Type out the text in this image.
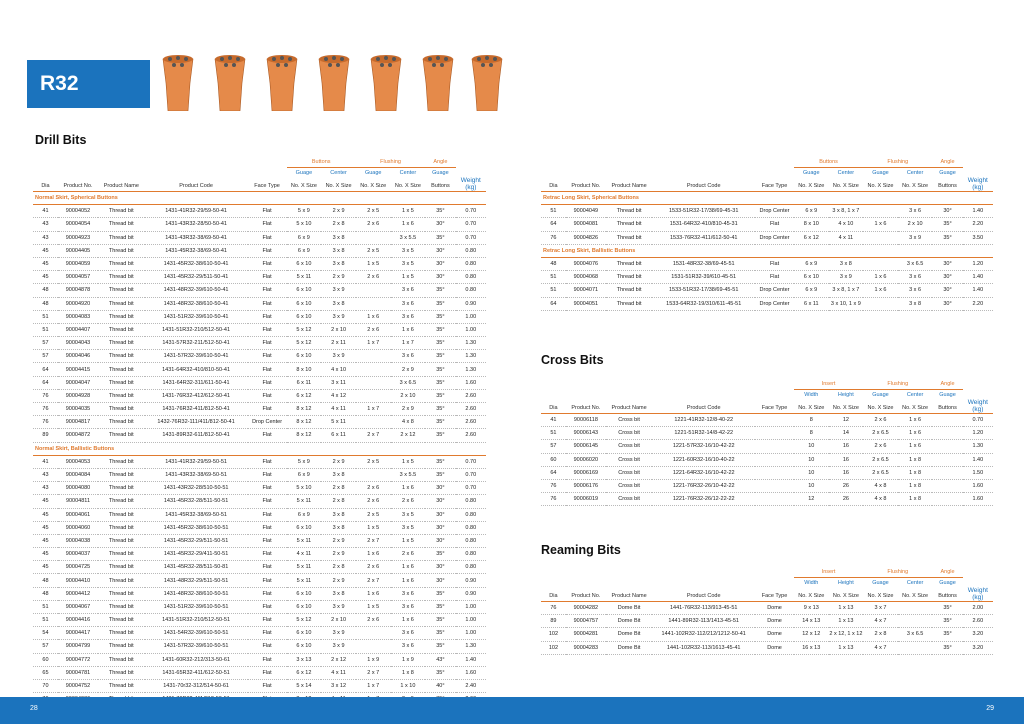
R32
Drill Bits
Cross Bits
Reaming Bits
					Buttons		Flushing		Angle	
					Guage	Center	Guage	Center	Guage	Weight (kg)
Dia	Product No.	Product Name	Product Code	Face Type	No. X Size	No. X Size	No. X Size	No. X Size	Buttons	
Normal Skirt, Spherical Buttons										
41	90004052	Thread bit	1431-41R32-29/59-50-41	Flat	5 x 9	2 x 9	2 x 5	1 x 5	35°	0.70
43	90004054	Thread bit	1431-43R32-28/50-50-41	Flat	5 x 10	2 x 8	2 x 6	1 x 6	30°	0.70
43	90004923	Thread bit	1431-43R32-38/69-50-41	Flat	6 x 9	3 x 8		3 x 5.5	35°	0.70
45	90004405	Thread bit	1431-45R32-38/69-50-41	Flat	6 x 9	3 x 8	2 x 5	3 x 5	30°	0.80
45	90004059	Thread bit	1431-45R32-38/610-50-41	Flat	6 x 10	3 x 8	1 x 5	3 x 5	30°	0.80
45	90004057	Thread bit	1431-45R32-29/511-50-41	Flat	5 x 11	2 x 9	2 x 6	1 x 5	30°	0.80
48	90004878	Thread bit	1431-48R32-39/610-50-41	Flat	6 x 10	3 x 9		3 x 6	35°	0.80
48	90004920	Thread bit	1431-48R32-38/610-50-41	Flat	6 x 10	3 x 8		3 x 6	35°	0.90
51	90004083	Thread bit	1431-51R32-39/610-50-41	Flat	6 x 10	3 x 9	1 x 6	3 x 6	35°	1.00
51	90004407	Thread bit	1431-51R32-210/512-50-41	Flat	5 x 12	2 x 10	2 x 6	1 x 6	35°	1.00
57	90004043	Thread bit	1431-57R32-211/512-50-41	Flat	5 x 12	2 x 11	1 x 7	1 x 7	35°	1.30
57	90004046	Thread bit	1431-57R32-39/610-50-41	Flat	6 x 10	3 x 9		3 x 6	35°	1.30
64	90004415	Thread bit	1431-64R32-410/810-50-41	Flat	8 x 10	4 x 10		2 x 9	35°	1.30
64	90004047	Thread bit	1431-64R32-311/611-50-41	Flat	6 x 11	3 x 11		3 x 6.5	35°	1.60
76	90004928	Thread bit	1431-76R32-412/612-50-41	Flat	6 x 12	4 x 12		2 x 10	35°	2.60
76	90004035	Thread bit	1431-76R32-411/812-50-41	Flat	8 x 12	4 x 11	1 x 7	2 x 9	35°	2.60
76	90004817	Thread bit	1432-76R32-111/411/812-50-41	Drop Center	8 x 12	5 x 11		4 x 8	35°	2.60
89	90004872	Thread bit	1431-89R32-611/812-50-41	Flat	8 x 12	6 x 11	2 x 7	2 x 12	35°	2.60
Normal Skirt, Ballistic Buttons										
41	90004053	Thread bit	1431-41R32-29/59-50-51	Flat	5 x 9	2 x 9	2 x 5	1 x 5	35°	0.70
43	90004084	Thread bit	1431-43R32-38/69-50-51	Flat	6 x 9	3 x 8		3 x 5.5	35°	0.70
43	90004080	Thread bit	1431-43R32-28/510-50-51	Flat	5 x 10	2 x 8	2 x 6	1 x 6	30°	0.70
45	90004811	Thread bit	1431-45R32-28/511-50-51	Flat	5 x 11	2 x 8	2 x 6	2 x 6	30°	0.80
45	90004061	Thread bit	1431-45R32-38/69-50-51	Flat	6 x 9	3 x 8	2 x 5	3 x 5	30°	0.80
45	90004060	Thread bit	1431-45R32-38/610-50-51	Flat	6 x 10	3 x 8	1 x 5	3 x 5	30°	0.80
45	90004038	Thread bit	1431-45R32-29/511-50-51	Flat	5 x 11	2 x 9	2 x 7	1 x 5	30°	0.80
45	90004037	Thread bit	1431-45R32-29/411-50-51	Flat	4 x 11	2 x 9	1 x 6	2 x 6	35°	0.80
45	90004725	Thread bit	1431-45R32-28/511-50-81	Flat	5 x 11	2 x 8	2 x 6	1 x 6	30°	0.80
48	90004410	Thread bit	1431-48R32-29/511-50-51	Flat	5 x 11	2 x 9	2 x 7	1 x 6	30°	0.90
48	90004412	Thread bit	1431-48R32-38/610-50-51	Flat	6 x 10	3 x 8	1 x 6	3 x 6	35°	0.90
51	90004067	Thread bit	1431-51R32-39/610-50-51	Flat	6 x 10	3 x 9	1 x 5	3 x 6	35°	1.00
51	90004416	Thread bit	1431-51R32-210/512-50-51	Flat	5 x 12	2 x 10	2 x 6	1 x 6	35°	1.00
54	90004417	Thread bit	1431-54R32-39/610-50-51	Flat	6 x 10	3 x 9		3 x 6	35°	1.00
57	90004799	Thread bit	1431-57R32-39/610-50-51	Flat	6 x 10	3 x 9		3 x 6	35°	1.30
60	90004772	Thread bit	1431-60R32-212/313-50-61	Flat	3 x 13	2 x 12	1 x 9	1 x 9	43°	1.40
65	90004781	Thread bit	1431-65R32-411/612-50-51	Flat	6 x 12	4 x 11	2 x 7	1 x 8	35°	1.60
70	90004752	Thread bit	1431-70r32-312/514-50-61	Flat	5 x 14	3 x 12	1 x 7	1 x 10	40°	2.40

					Buttons		Flushing		Angle	
					Guage	Center	Guage	Center	Guage	Weight (kg)
Dia	Product No.	Product Name	Product Code	Face Type	No. X Size	No. X Size	No. X Size	No. X Size	Buttons	
Retrac Long Skirt, Spherical Buttons										
51	90004049	Thread bit	1533-51R32-17/38/69-45-31	Drop Center	6 x 9	3 x 8, 1 x 7		3 x 6	30°	1.40
64	90004081	Thread bit	1531-64R32-410/810-45-31	Flat	8 x 10	4 x 10	1 x 6	2 x 10	35°	2.20
76	90004826	Thread bit	1533-76R32-411/612-50-41	Drop Center	6 x 12	4 x 11		3 x 9	35°	3.50
Retrac Long Skirt, Ballistic Buttons										
48	90004076	Thread bit	1531-48R32-38/69-45-51	Flat	6 x 9	3 x 8		3 x 6.5	30°	1.20
51	90004068	Thread bit	1531-51R32-39/610-45-51	Flat	6 x 10	3 x 9	1 x 6	3 x 6	30°	1.40
51	90004071	Thread bit	1533-51R32-17/38/69-45-51	Drop Center	6 x 9	3 x 8, 1 x 7	1 x 6	3 x 6	30°	1.40
64	90004051	Thread bit	1533-64R32-19/310/611-45-51	Drop Center	6 x 11	3 x 10, 1 x 9		3 x 8	30°	2.20
					Insert		Flushing		Angle	
					Width	Height	Guage	Center	Guage	Weight (kg)
Dia	Product No.	Product Name	Product Code	Face Type	No. X Size	No. X Size	No. X Size	No. X Size	Buttons	
41	90006118	Cross bit	1221-41R32-12/8-40-22		8	12	2 x 6	1 x 6		0.70
51	90006143	Cross bit	1221-51R32-14/8-42-22		8	14	2 x 6.5	1 x 6		1.20
57	90006145	Cross bit	1221-57R32-16/10-42-22		10	16	2 x 6	1 x 6		1.30
60	90006020	Cross bit	1221-60R32-16/10-40-22		10	16	2 x 6.5	1 x 8		1.40
64	90006169	Cross bit	1221-64R32-16/10-42-22		10	16	2 x 6.5	1 x 8		1.50
76	90006176	Cross bit	1221-76R32-26/10-42-22		10	26	4 x 8	1 x 8		1.60
76	90006019	Cross bit	1221-76R32-26/12-22-22		12	26	4 x 8	1 x 8		1.60
					Insert		Flushing		Angle	
					Width	Height	Guage	Center	Guage	Weight (kg)
Dia	Product No.	Product Name	Product Code	Face Type	No. X Size	No. X Size	No. X Size	No. X Size	Buttons	
76	90004282	Dome Bit	1441-76R32-113/913-45-51	Dome	9 x 13	1 x 13	3 x 7		35°	2.00
89	90004757	Dome Bit	1441-89R32-113/1413-45-51	Dome	14 x 13	1 x 13	4 x 7		35°	2.60
102	90004281	Dome Bit	1441-102R32-112/212/1212-50-41	Dome	12 x 12	2 x 12, 1 x 12	2 x 8	3 x 6.5	35°	3.20
102	90004283	Dome Bit	1441-102R32-113/1613-45-41	Dome	16 x 13	1 x 13	4 x 7		35°	3.20
28	29
